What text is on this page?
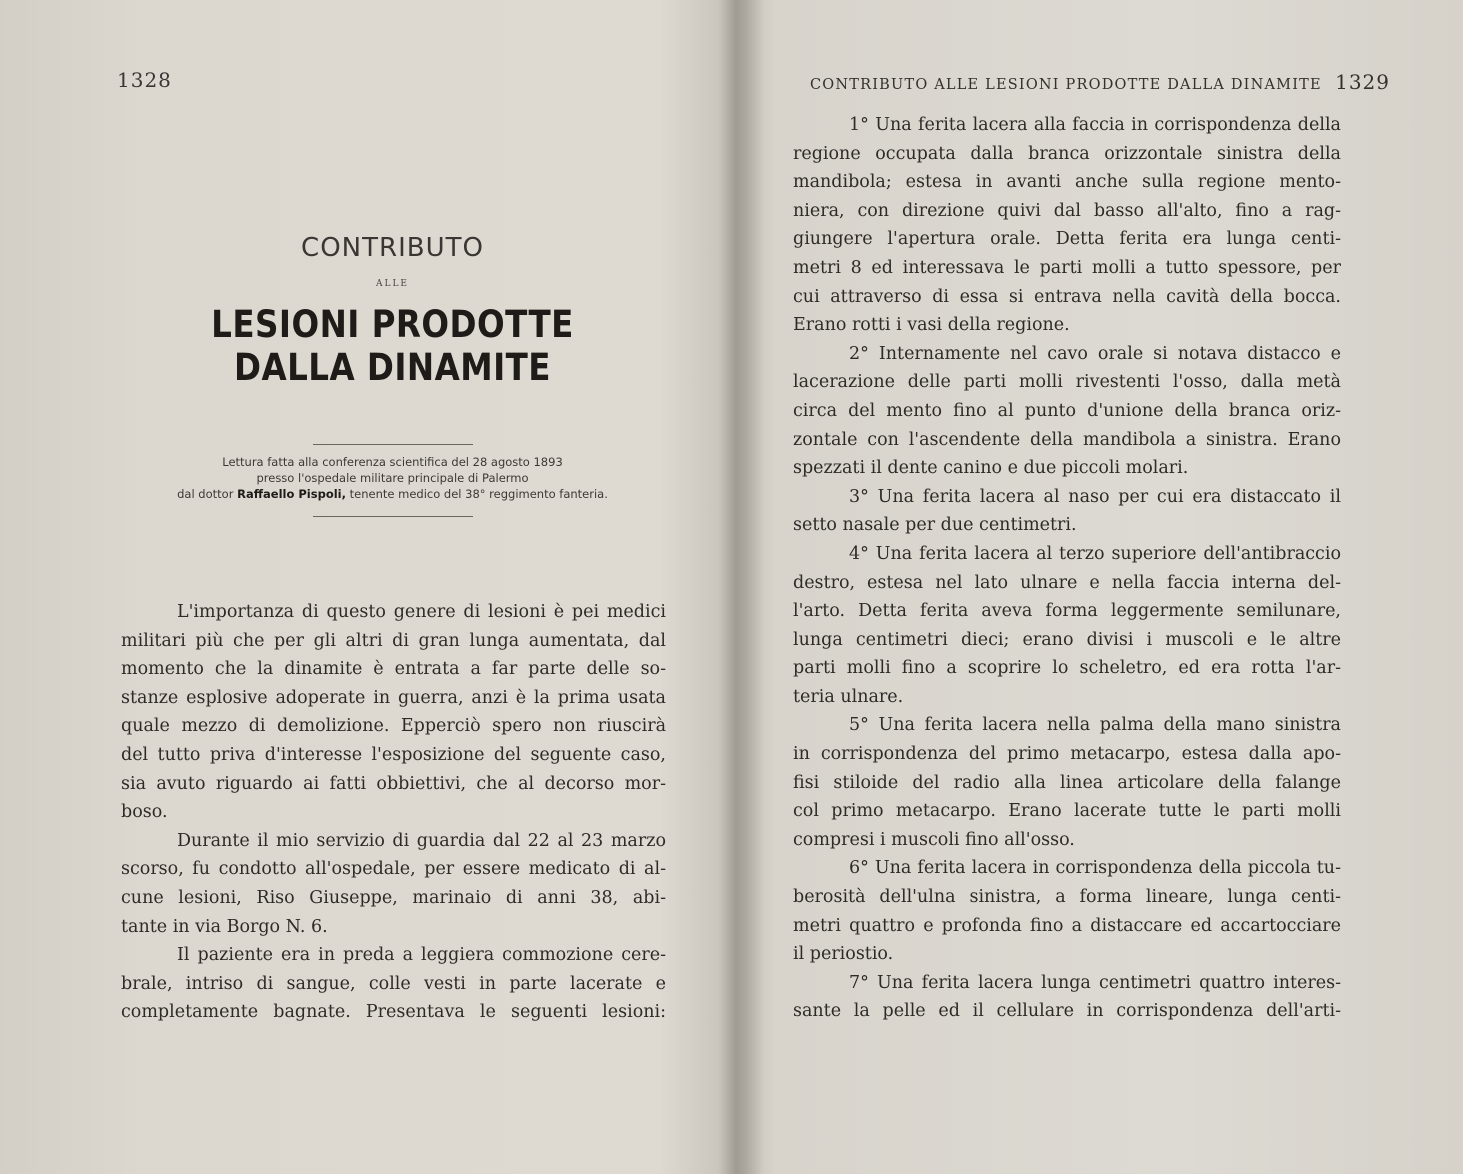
1328
CONTRIBUTO
ALLE
LESIONI PRODOTTE DALLA DINAMITE
Lettura fatta alla conferenza scientifica del 28 agosto 1893
presso l'ospedale militare principale di Palermo
dal dottor Raffaello Pispoli, tenente medico del 38° reggimento fanteria.
L'importanza di questo genere di lesioni è pei medici
militari più che per gli altri di gran lunga aumentata, dal
momento che la dinamite è entrata a far parte delle so-
stanze esplosive adoperate in guerra, anzi è la prima usata
quale mezzo di demolizione. Epperciò spero non riuscirà
del tutto priva d'interesse l'esposizione del seguente caso,
sia avuto riguardo ai fatti obbiettivi, che al decorso mor-
boso.
Durante il mio servizio di guardia dal 22 al 23 marzo
scorso, fu condotto all'ospedale, per essere medicato di al-
cune lesioni, Riso Giuseppe, marinaio di anni 38, abi-
tante in via Borgo N. 6.
Il paziente era in preda a leggiera commozione cere-
brale, intriso di sangue, colle vesti in parte lacerate e
completamente bagnate. Presentava le seguenti lesioni:
CONTRIBUTO ALLE LESIONI PRODOTTE DALLA DINAMITE 1329
1° Una ferita lacera alla faccia in corrispondenza della
regione occupata dalla branca orizzontale sinistra della
mandibola; estesa in avanti anche sulla regione mento-
niera, con direzione quivi dal basso all'alto, fino a rag-
giungere l'apertura orale. Detta ferita era lunga centi-
metri 8 ed interessava le parti molli a tutto spessore, per
cui attraverso di essa si entrava nella cavità della bocca.
Erano rotti i vasi della regione.
2° Internamente nel cavo orale si notava distacco e
lacerazione delle parti molli rivestenti l'osso, dalla metà
circa del mento fino al punto d'unione della branca oriz-
zontale con l'ascendente della mandibola a sinistra. Erano
spezzati il dente canino e due piccoli molari.
3° Una ferita lacera al naso per cui era distaccato il
setto nasale per due centimetri.
4° Una ferita lacera al terzo superiore dell'antibraccio
destro, estesa nel lato ulnare e nella faccia interna del-
l'arto. Detta ferita aveva forma leggermente semilunare,
lunga centimetri dieci; erano divisi i muscoli e le altre
parti molli fino a scoprire lo scheletro, ed era rotta l'ar-
teria ulnare.
5° Una ferita lacera nella palma della mano sinistra
in corrispondenza del primo metacarpo, estesa dalla apo-
fisi stiloide del radio alla linea articolare della falange
col primo metacarpo. Erano lacerate tutte le parti molli
compresi i muscoli fino all'osso.
6° Una ferita lacera in corrispondenza della piccola tu-
berosità dell'ulna sinistra, a forma lineare, lunga centi-
metri quattro e profonda fino a distaccare ed accartocciare
il periostio.
7° Una ferita lacera lunga centimetri quattro interes-
sante la pelle ed il cellulare in corrispondenza dell'arti-
